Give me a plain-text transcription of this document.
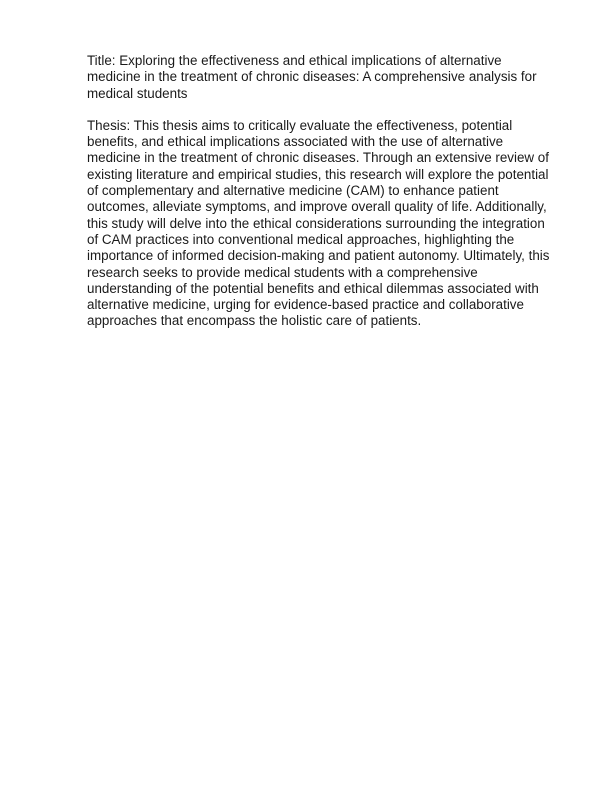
Title: Exploring the effectiveness and ethical implications of alternative medicine in the treatment of chronic diseases: A comprehensive analysis for medical students

Thesis: This thesis aims to critically evaluate the effectiveness, potential benefits, and ethical implications associated with the use of alternative medicine in the treatment of chronic diseases. Through an extensive review of existing literature and empirical studies, this research will explore the potential of complementary and alternative medicine (CAM) to enhance patient outcomes, alleviate symptoms, and improve overall quality of life. Additionally, this study will delve into the ethical considerations surrounding the integration of CAM practices into conventional medical approaches, highlighting the importance of informed decision-making and patient autonomy. Ultimately, this research seeks to provide medical students with a comprehensive understanding of the potential benefits and ethical dilemmas associated with alternative medicine, urging for evidence-based practice and collaborative approaches that encompass the holistic care of patients.
